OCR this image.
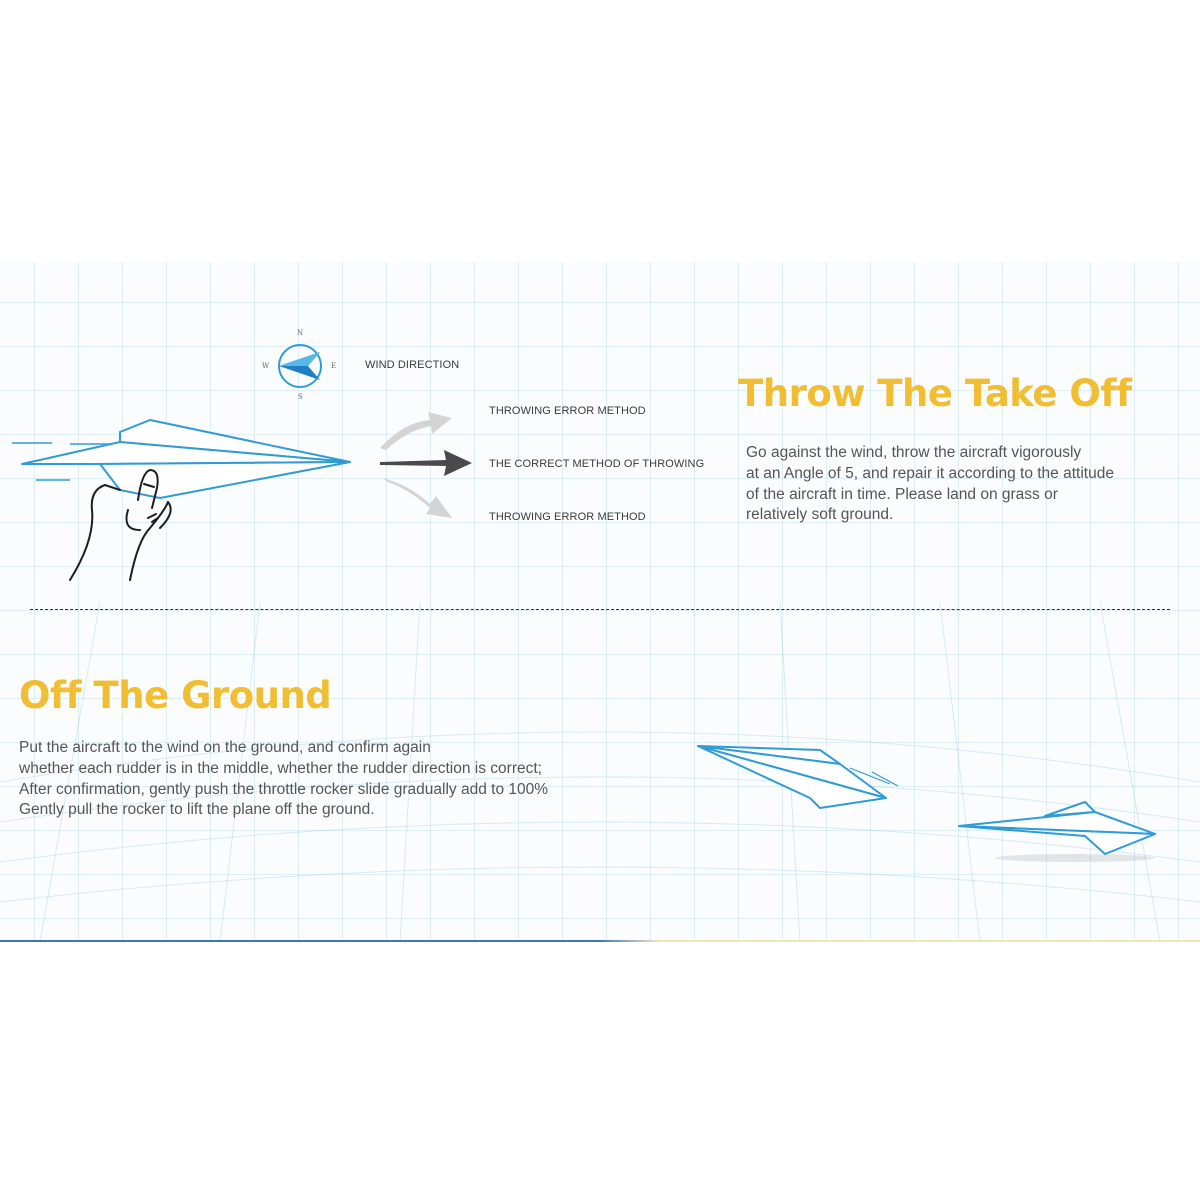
N
W	E
S
WIND DIRECTION
THROWING ERROR METHOD
THE CORRECT METHOD OF THROWING
THROWING ERROR METHOD
Throw The Take Off
Go against the wind, throw the aircraft vigorously
at an Angle of 5, and repair it according to the attitude
of the aircraft in time. Please land on grass or
relatively soft ground.
Off The Ground
Put the aircraft to the wind on the ground, and confirm again
whether each rudder is in the middle, whether the rudder direction is correct;
After confirmation, gently push the throttle rocker slide gradually add to 100%
Gently pull the rocker to lift the plane off the ground.
